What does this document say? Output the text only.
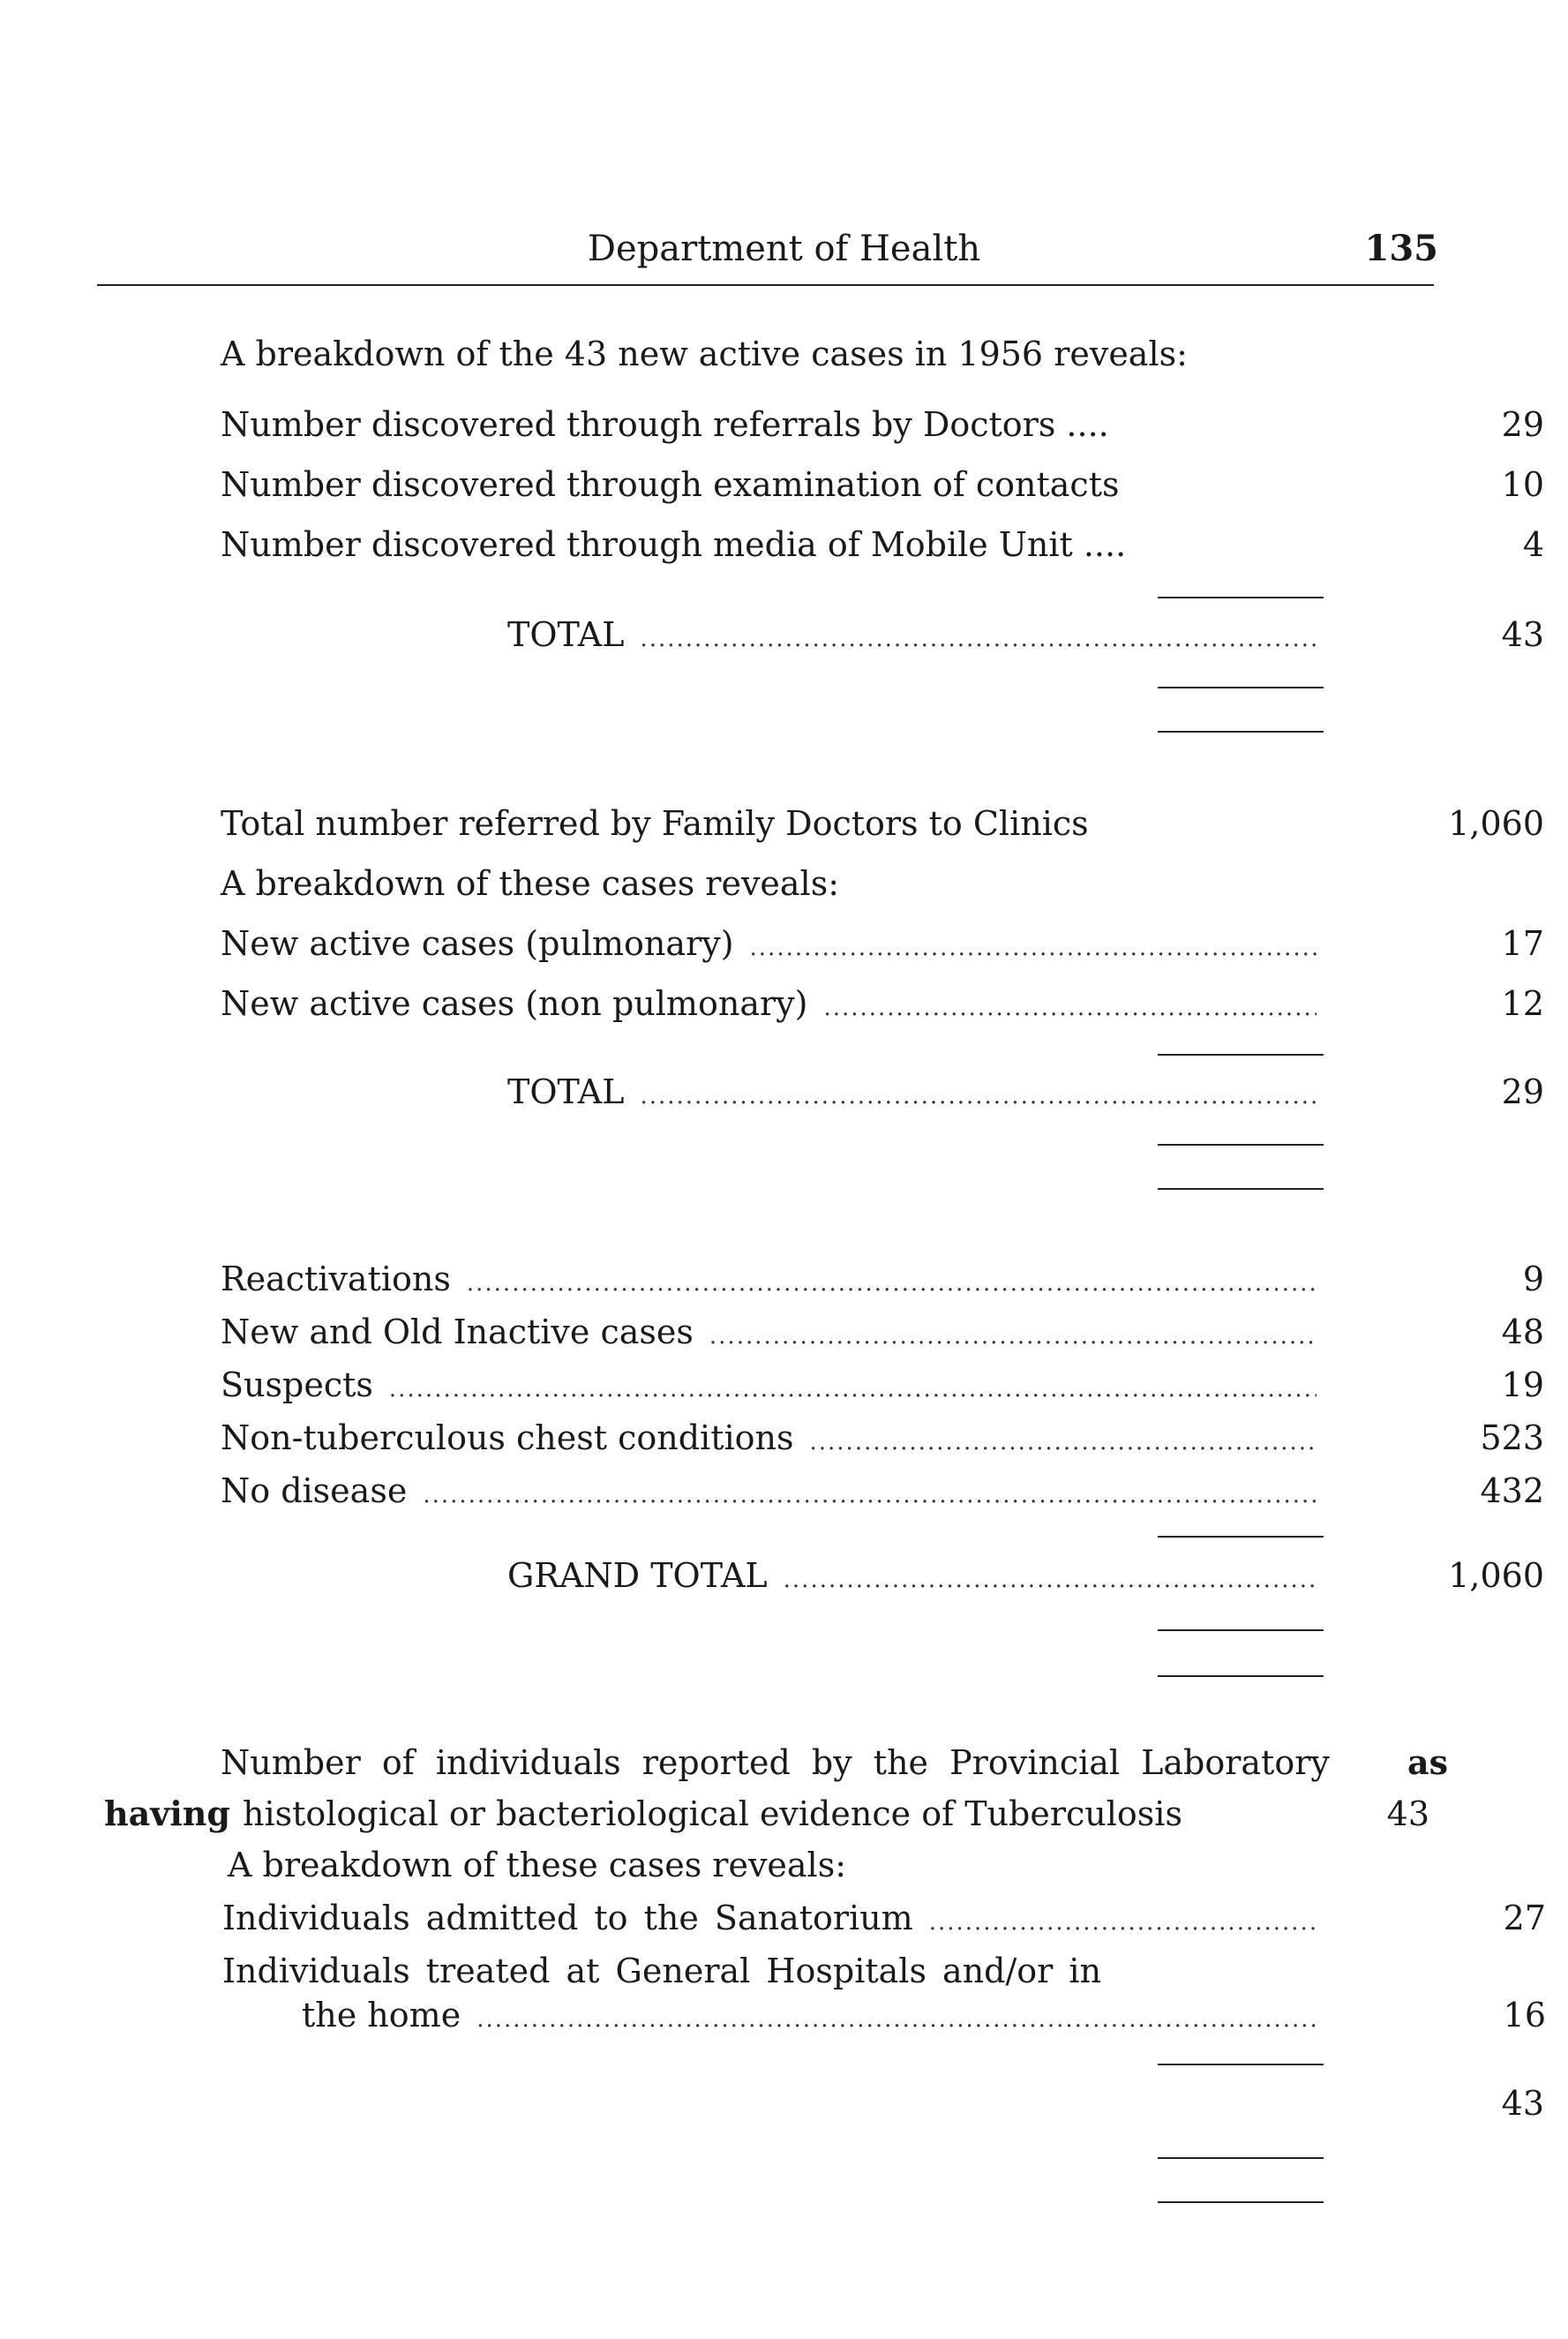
Department of Health	135
A breakdown of the 43 new active cases in 1956 reveals:
Number discovered through referrals by Doctors ....	29
Number discovered through examination of contacts	10
Number discovered through media of Mobile Unit ....	4
TOTAL .....	43
Total number referred by Family Doctors to Clinics	1,060
A breakdown of these cases reveals:
New active cases (pulmonary) .....	17
New active cases (non pulmonary) .....	12
TOTAL .....	29
Reactivations .....	9
New and Old Inactive cases .....	48
Suspects .....	19
Non-tuberculous chest conditions .....	523
No disease .....	432
GRAND TOTAL .....	1,060
Number of individuals reported by the Provincial Laboratory as
having histological or bacteriological evidence of Tuberculosis	43
A breakdown of these cases reveals:
Individuals admitted to the Sanatorium .....	27
Individuals treated at General Hospitals and/or in
the home .....	16
43
